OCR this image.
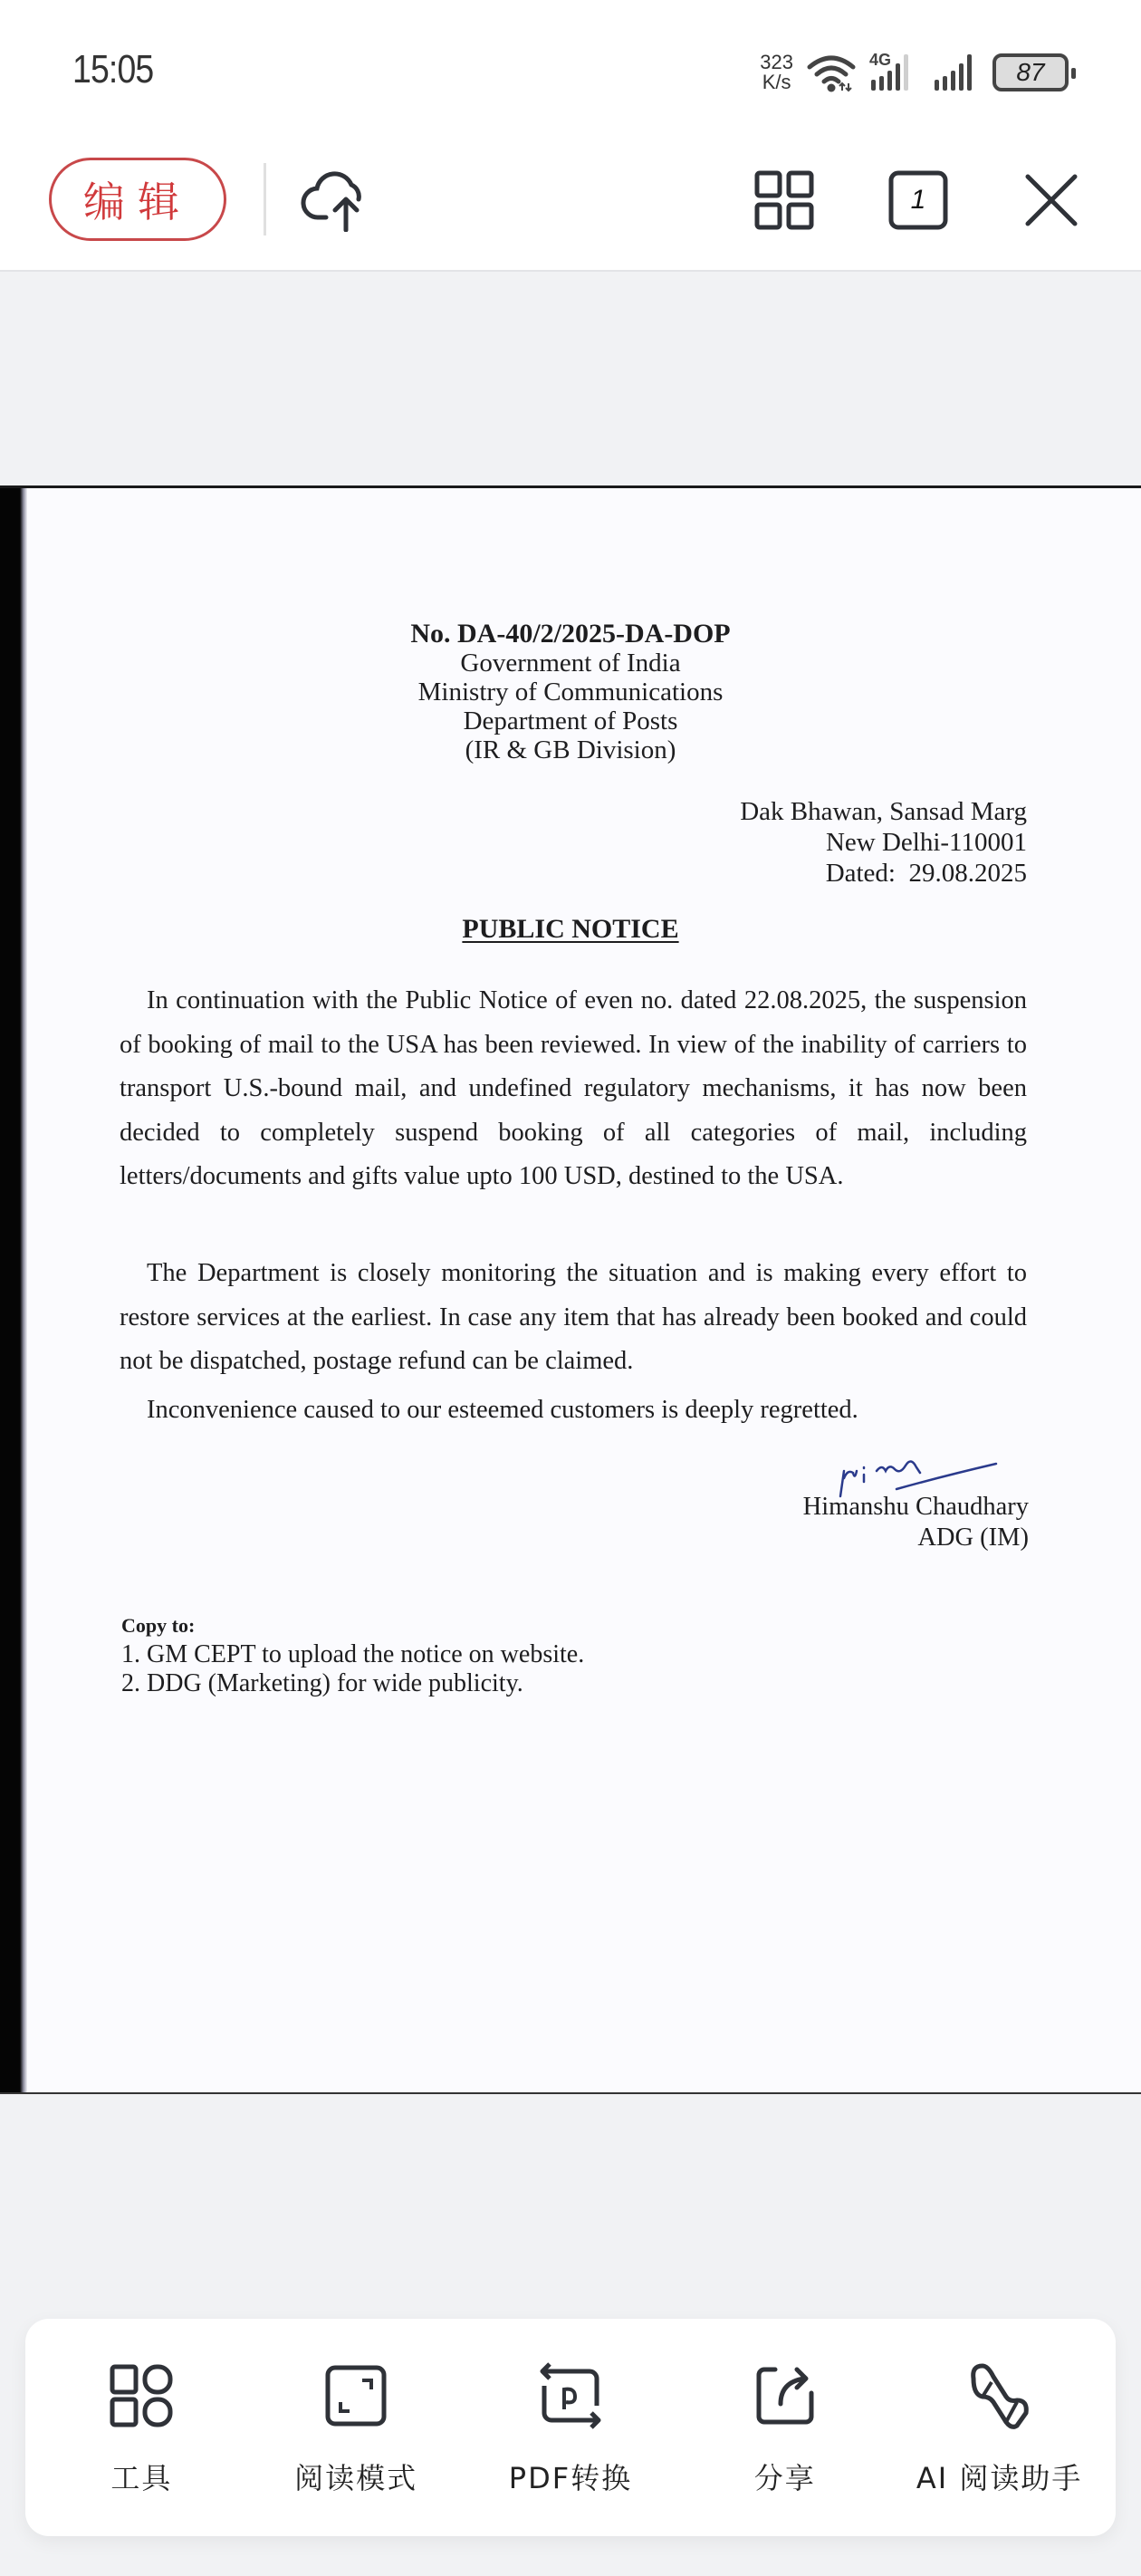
15:05	323
K/s
4G	87
编辑	1
No. DA-40/2/2025-DA-DOP
Government of India
Ministry of Communications
Department of Posts
(IR & GB Division)
Dak Bhawan, Sansad Marg
New Delhi-110001
Dated:  29.08.2025
PUBLIC NOTICE

In continuation with the Public Notice of even no. dated 22.08.2025, the suspension of booking of mail to the USA has been reviewed. In view of the inability of carriers to transport U.S.-bound mail, and undefined regulatory mechanisms, it has now been decided to completely suspend booking of all categories of mail, including letters/documents and gifts value upto 100 USD, destined to the USA.

The Department is closely monitoring the situation and is making every effort to restore services at the earliest. In case any item that has already been booked and could not be dispatched, postage refund can be claimed.

Inconvenience caused to our esteemed customers is deeply regretted.

Himanshu Chaudhary
ADG (IM)
Copy to:
1. GM CEPT to upload the notice on website.
2. DDG (Marketing) for wide publicity.
工具	阅读模式	PDF转换	分享	AI 阅读助手
